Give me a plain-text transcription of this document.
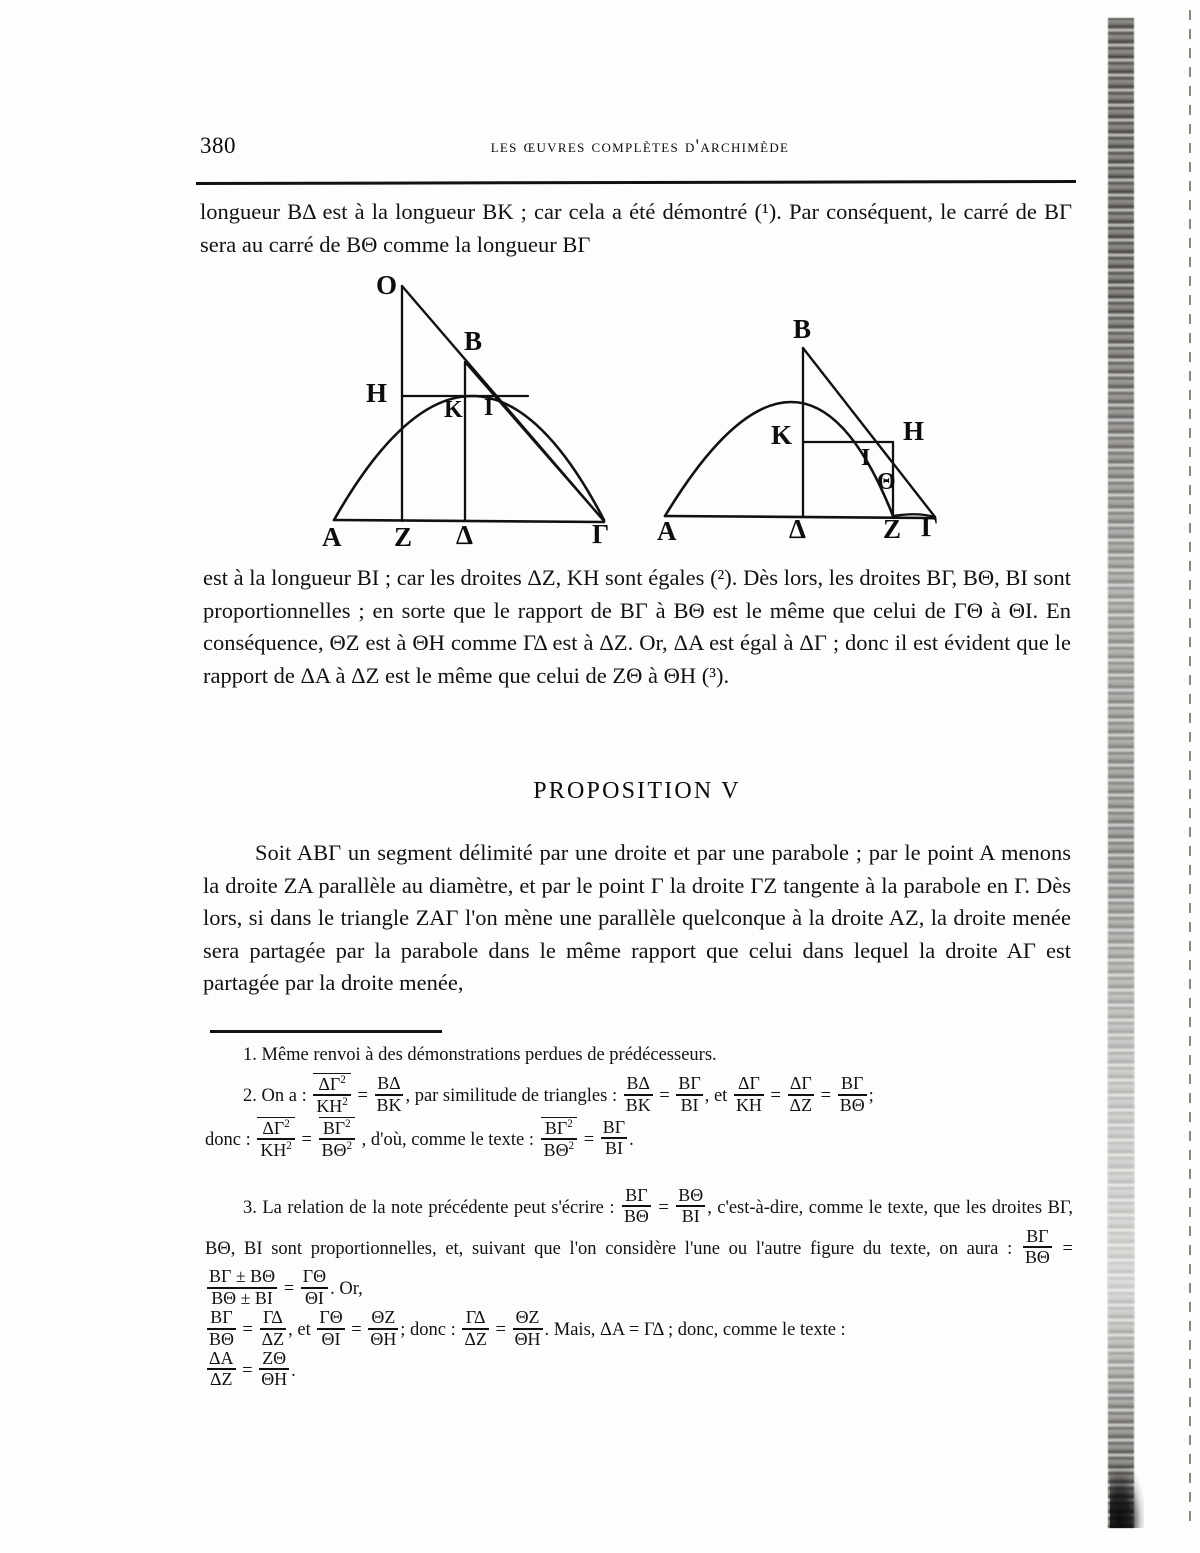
380	les œuvres complètes d'archimède
longueur BΔ est à la longueur BK ; car cela a été démontré (¹). Par conséquent, le carré de BΓ sera au carré de BΘ comme la longueur BΓ
O
B
H
K I
A Z Δ	Γ
B
K
I
Θ
H
A	Δ	Z Γ
est à la longueur BI ; car les droites ΔZ, KH sont égales (²). Dès lors, les droites BΓ, BΘ, BI sont proportionnelles ; en sorte que le rapport de BΓ à BΘ est le même que celui de ΓΘ à ΘI. En conséquence, ΘZ est à ΘH comme ΓΔ est à ΔZ. Or, ΔA est égal à ΔΓ ; donc il est évident que le rapport de ΔA à ΔZ est le même que celui de ZΘ à ΘH (³).
PROPOSITION V
Soit ABΓ un segment délimité par une droite et par une parabole ; par le point A menons la droite ZA parallèle au diamètre, et par le point Γ la droite ΓZ tangente à la parabole en Γ. Dès lors, si dans le triangle ZAΓ l'on mène une parallèle quelconque à la droite AZ, la droite menée sera partagée par la parabole dans le même rapport que celui dans lequel la droite AΓ est partagée par la droite menée,
1. Même renvoi à des démonstrations perdues de prédécesseurs.
2. On a : $\frac{\Delta\Gamma^2}{KH^2} = \frac{B\Delta}{BK}$ , par similitude de triangles : $\frac{B\Delta}{BK} = \frac{B\Gamma}{BI}$ , et $\frac{\Delta\Gamma}{KH} = \frac{\Delta\Gamma}{\Delta Z} = \frac{B\Gamma}{B\Theta}$ ;
donc : $\frac{\Delta\Gamma^2}{KH^2} = \frac{B\Gamma^2}{B\Theta^2}$ , d'où, comme le texte : $\frac{B\Gamma^2}{B\Theta^2} = \frac{B\Gamma}{BI}$ .
3. La relation de la note précédente peut s'écrire : $\frac{B\Gamma}{B\Theta} = \frac{B\Theta}{BI}$ , c'est-à-dire, comme le texte, que les droites BΓ, BΘ, BI sont proportionnelles, et, suivant que l'on considère l'une ou l'autre figure du texte, on aura : $\frac{B\Gamma}{B\Theta}$ =
$\frac{B\Gamma \pm B\Theta}{B\Theta \pm BI} = \frac{\Gamma\Theta}{\Theta I}$ . Or,

$\frac{B\Gamma}{B\Theta} = \frac{\Gamma\Delta}{\Delta Z}$ , et $\frac{\Gamma\Theta}{\Theta I} = \frac{\Theta Z}{\Theta H}$ ; donc : $\frac{\Gamma\Delta}{\Delta Z} = \frac{\Theta Z}{\Theta H}$ . Mais, ΔA = ΓΔ ; donc, comme le texte :

$\frac{\Delta A}{\Delta Z} = \frac{Z\Theta}{\Theta H}$ .
